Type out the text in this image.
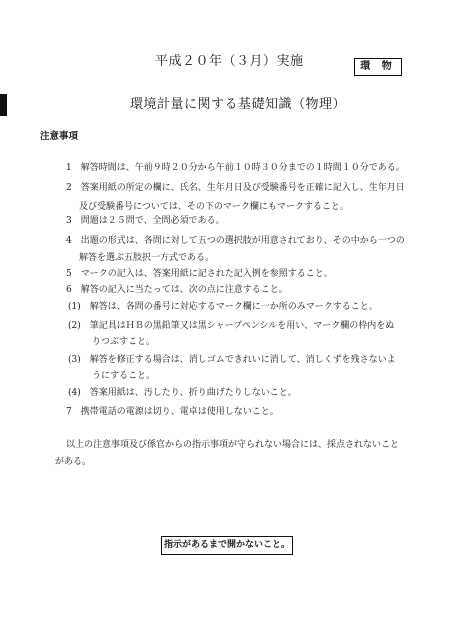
平成２０年（３月）実施	環 物
環境計量に関する基礎知識（物理）
注意事項
1　解答時間は、午前９時２０分から午前１０時３０分までの１時間１０分である。
2　答案用紙の所定の欄に、氏名、生年月日及び受験番号を正確に記入し、生年月日
及び受験番号については、その下のマーク欄にもマークすること。
3　問題は２５問で、全問必須である。
4　出題の形式は、各問に対して五つの選択肢が用意されており、その中から一つの
解答を選ぶ五肢択一方式である。
5　マークの記入は、答案用紙に記された記入例を参照すること。
6　解答の記入に当たっては、次の点に注意すること。
(1)　解答は、各問の番号に対応するマーク欄に一か所のみマークすること。
(2)　筆記具はＨＢの黒鉛筆又は黒シャープペンシルを用い、マーク欄の枠内をぬ
りつぶすこと。
(3)　解答を修正する場合は、消しゴムできれいに消して、消しくずを残さないよ
うにすること。
(4)　答案用紙は、汚したり、折り曲げたりしないこと。
7　携帯電話の電源は切り、電卓は使用しないこと。
以上の注意事項及び係官からの指示事項が守られない場合には、採点されないこと
がある。
指示があるまで開かないこと。
